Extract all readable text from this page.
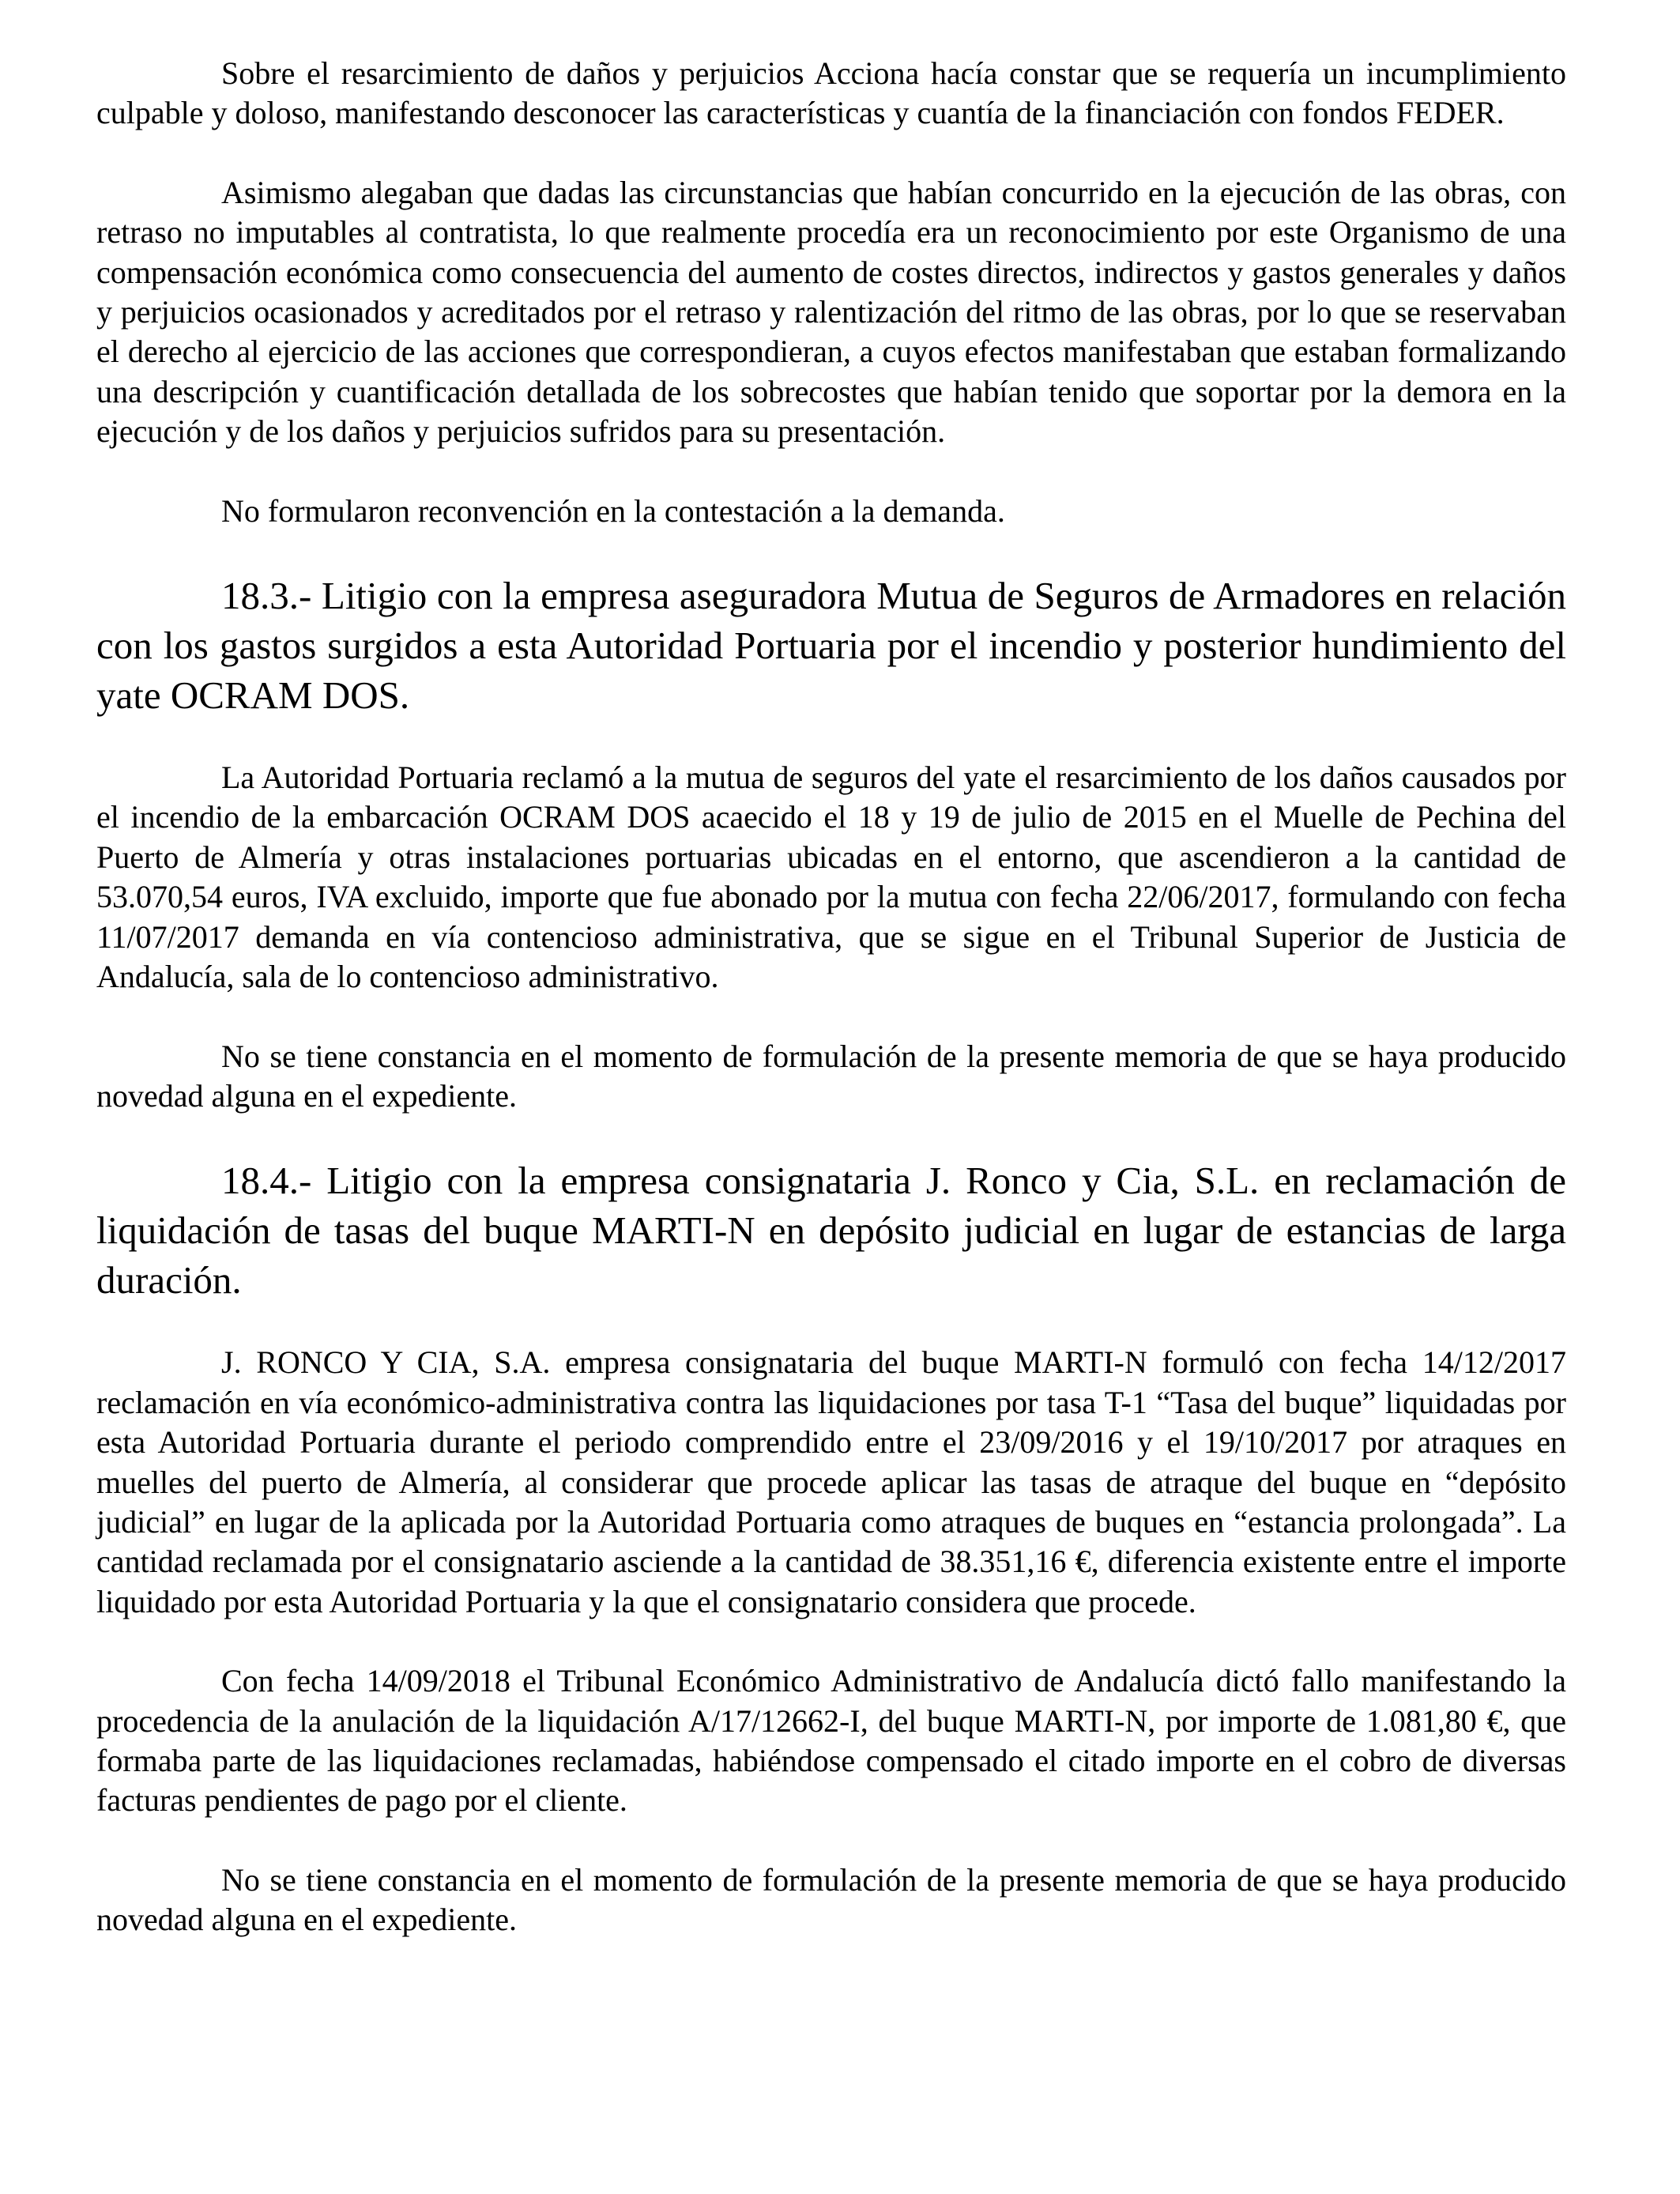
Sobre el resarcimiento de daños y perjuicios Acciona hacía constar que se requería un incumplimiento culpable y doloso, manifestando desconocer las características y cuantía de la financiación con fondos FEDER.

Asimismo alegaban que dadas las circunstancias que habían concurrido en la ejecución de las obras, con retraso no imputables al contratista, lo que realmente procedía era un reconocimiento por este Organismo de una compensación económica como consecuencia del aumento de costes directos, indirectos y gastos generales y daños y perjuicios ocasionados y acreditados por el retraso y ralentización del ritmo de las obras, por lo que se reservaban el derecho al ejercicio de las acciones que correspondieran, a cuyos efectos manifestaban que estaban formalizando una descripción y cuantificación detallada de los sobrecostes que habían tenido que soportar por la demora en la ejecución y de los daños y perjuicios sufridos para su presentación.

No formularon reconvención en la contestación a la demanda.

18.3.- Litigio con la empresa aseguradora Mutua de Seguros de Armadores en relación con los gastos surgidos a esta Autoridad Portuaria por el incendio y posterior hundimiento del yate OCRAM DOS.

La Autoridad Portuaria reclamó a la mutua de seguros del yate el resarcimiento de los daños causados por el incendio de la embarcación OCRAM DOS acaecido el 18 y 19 de julio de 2015 en el Muelle de Pechina del Puerto de Almería y otras instalaciones portuarias ubicadas en el entorno, que ascendieron a la cantidad de 53.070,54 euros, IVA excluido, importe que fue abonado por la mutua con fecha 22/06/2017, formulando con fecha 11/07/2017 demanda en vía contencioso administrativa, que se sigue en el Tribunal Superior de Justicia de Andalucía, sala de lo contencioso administrativo.

No se tiene constancia en el momento de formulación de la presente memoria de que se haya producido novedad alguna en el expediente.

18.4.- Litigio con la empresa consignataria J. Ronco y Cia, S.L. en reclamación de liquidación de tasas del buque MARTI-N en depósito judicial en lugar de estancias de larga duración.

J. RONCO Y CIA, S.A. empresa consignataria del buque MARTI-N formuló con fecha 14/12/2017 reclamación en vía económico-administrativa contra las liquidaciones por tasa T-1 “Tasa del buque” liquidadas por esta Autoridad Portuaria durante el periodo comprendido entre el 23/09/2016 y el 19/10/2017 por atraques en muelles del puerto de Almería, al considerar que procede aplicar las tasas de atraque del buque en “depósito judicial” en lugar de la aplicada por la Autoridad Portuaria como atraques de buques en “estancia prolongada”. La cantidad reclamada por el consignatario asciende a la cantidad de 38.351,16 €, diferencia existente entre el importe liquidado por esta Autoridad Portuaria y la que el consignatario considera que procede.

Con fecha 14/09/2018 el Tribunal Económico Administrativo de Andalucía dictó fallo manifestando la procedencia de la anulación de la liquidación A/17/12662-I, del buque MARTI-N, por importe de 1.081,80 €, que formaba parte de las liquidaciones reclamadas, habiéndose compensado el citado importe en el cobro de diversas facturas pendientes de pago por el cliente.

No se tiene constancia en el momento de formulación de la presente memoria de que se haya producido novedad alguna en el expediente.
